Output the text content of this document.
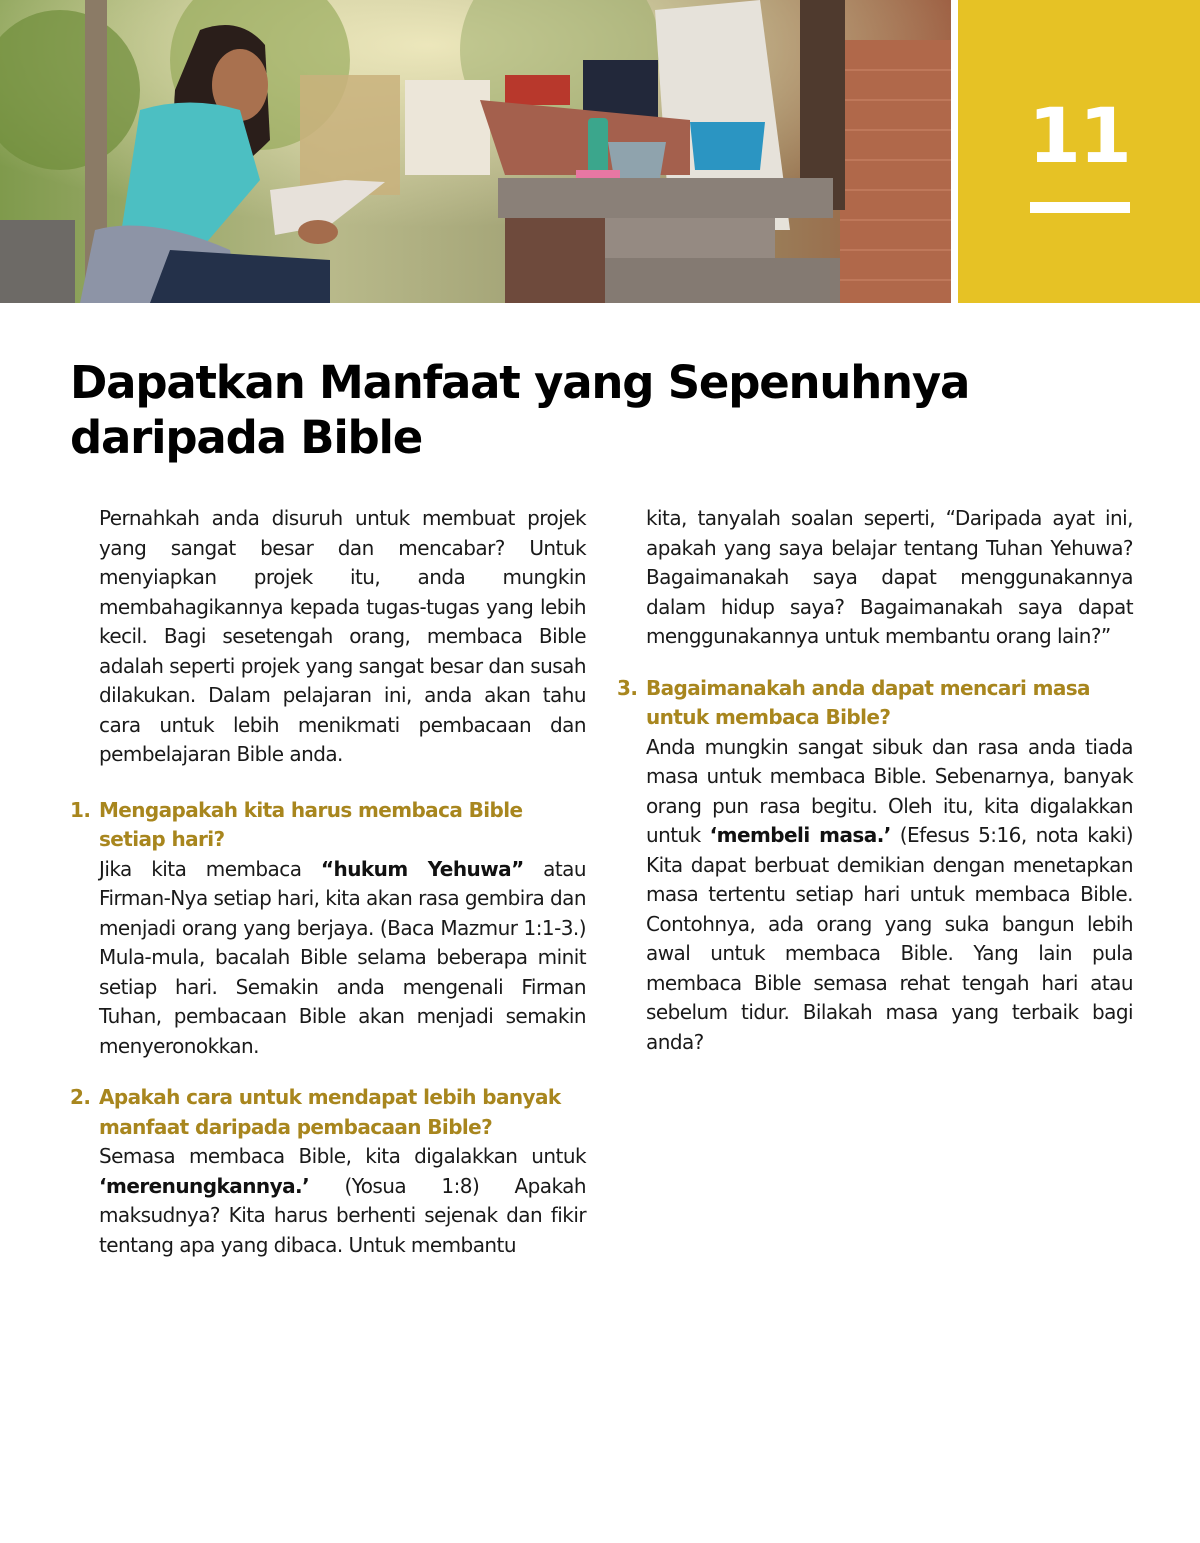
11
Dapatkan Manfaat yang Sepenuhnya
daripada Bible

Pernahkah anda disuruh untuk membuat projek yang sangat besar dan mencabar? Untuk menyiapkan projek itu, anda mungkin membahagikannya kepada tugas-tugas yang lebih kecil. Bagi sesetengah orang, membaca Bible adalah seperti projek yang sangat besar dan susah dilakukan. Dalam pelajaran ini, anda akan tahu cara untuk lebih menikmati pembacaan dan pembelajaran Bible anda.

1. Mengapakah kita harus membaca Bible setiap hari?

Jika kita membaca “hukum Yehuwa” atau Firman-Nya setiap hari, kita akan rasa gembira dan menjadi orang yang berjaya. (Baca Mazmur 1:1-3.) Mula-mula, bacalah Bible selama beberapa minit setiap hari. Semakin anda mengenali Firman Tuhan, pembacaan Bible akan menjadi semakin menyeronokkan.

2. Apakah cara untuk mendapat lebih banyak manfaat daripada pembacaan Bible?

Semasa membaca Bible, kita digalakkan untuk ‘merenungkannya.’ (Yosua 1:8) Apakah maksudnya? Kita harus berhenti sejenak dan fikir tentang apa yang dibaca. Untuk membantu

kita, tanyalah soalan seperti, “Daripada ayat ini, apakah yang saya belajar tentang Tuhan Yehuwa? Bagaimanakah saya dapat menggunakannya dalam hidup saya? Bagaimanakah saya dapat menggunakannya untuk membantu orang lain?”

3. Bagaimanakah anda dapat mencari masa untuk membaca Bible?

Anda mungkin sangat sibuk dan rasa anda tiada masa untuk membaca Bible. Sebenarnya, banyak orang pun rasa begitu. Oleh itu, kita digalakkan untuk ‘membeli masa.’ (Efesus 5:16, nota kaki) Kita dapat berbuat demikian dengan menetapkan masa tertentu setiap hari untuk membaca Bible. Contohnya, ada orang yang suka bangun lebih awal untuk membaca Bible. Yang lain pula membaca Bible semasa rehat tengah hari atau sebelum tidur. Bilakah masa yang terbaik bagi anda?
